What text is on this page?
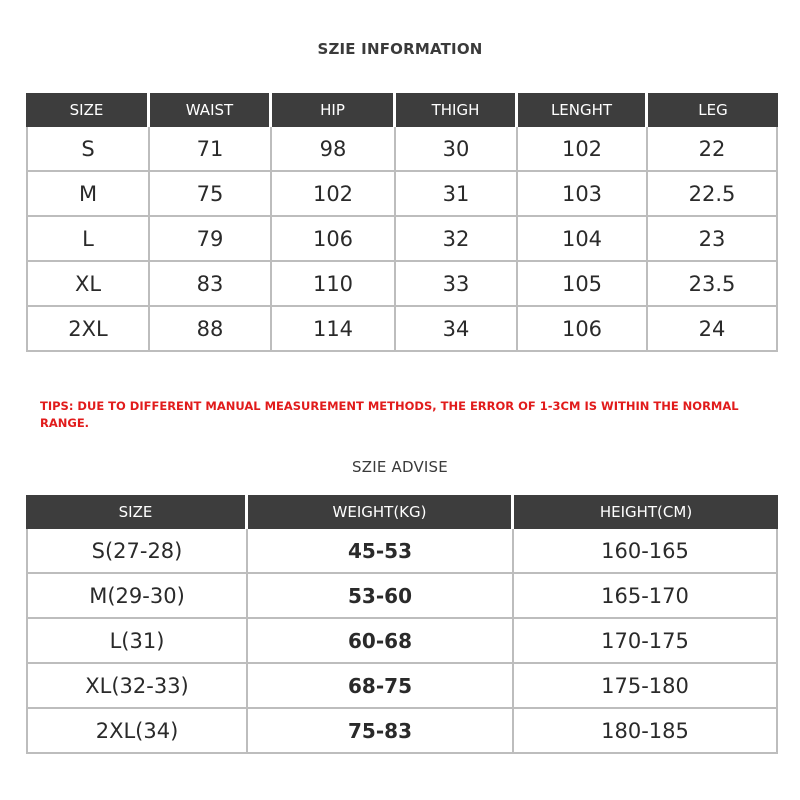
SZIE INFORMATION
SIZE	WAIST	HIP	THIGH	LENGHT	LEG
S	71	98	30	102	22
M	75	102	31	103	22.5
L	79	106	32	104	23
XL	83	110	33	105	23.5
2XL	88	114	34	106	24
TIPS: DUE TO DIFFERENT MANUAL MEASUREMENT METHODS, THE ERROR OF 1-3CM IS WITHIN THE NORMAL RANGE.
SZIE ADVISE
SIZE	WEIGHT(KG)	HEIGHT(CM)
S(27-28)	45-53	160-165
M(29-30)	53-60	165-170
L(31)	60-68	170-175
XL(32-33)	68-75	175-180
2XL(34)	75-83	180-185
